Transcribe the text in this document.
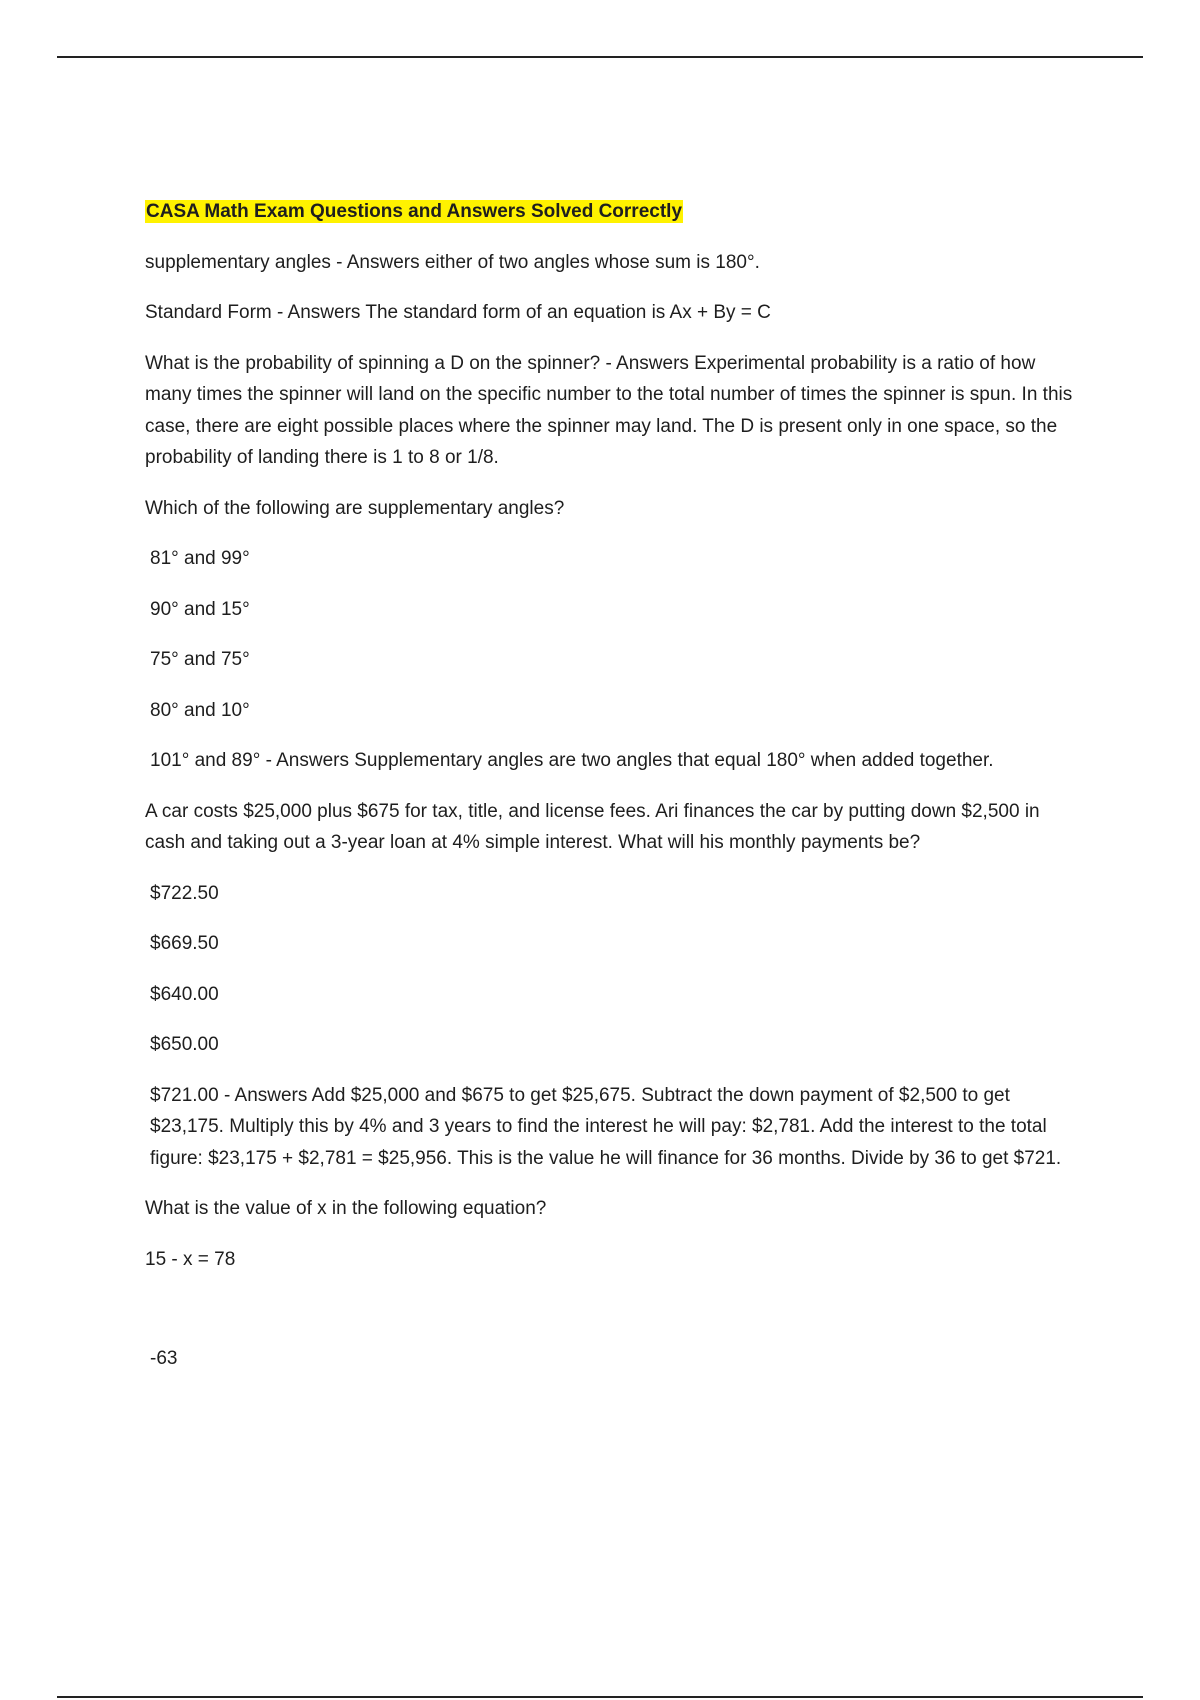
CASA Math Exam Questions and Answers Solved Correctly

supplementary angles - Answers either of two angles whose sum is 180°.

Standard Form - Answers The standard form of an equation is Ax + By = C

What is the probability of spinning a D on the spinner? - Answers Experimental probability is a ratio of how many times the spinner will land on the specific number to the total number of times the spinner is spun. In this case, there are eight possible places where the spinner may land. The D is present only in one space, so the probability of landing there is 1 to 8 or 1/8.

Which of the following are supplementary angles?

81° and 99°

90° and 15°

75° and 75°

80° and 10°

101° and 89° - Answers Supplementary angles are two angles that equal 180° when added together.

A car costs $25,000 plus $675 for tax, title, and license fees. Ari finances the car by putting down $2,500 in cash and taking out a 3-year loan at 4% simple interest. What will his monthly payments be?

$722.50

$669.50

$640.00

$650.00

$721.00 - Answers Add $25,000 and $675 to get $25,675. Subtract the down payment of $2,500 to get $23,175. Multiply this by 4% and 3 years to find the interest he will pay: $2,781. Add the interest to the total figure: $23,175 + $2,781 = $25,956. This is the value he will finance for 36 months. Divide by 36 to get $721.

What is the value of x in the following equation?

15 - x = 78

-63
